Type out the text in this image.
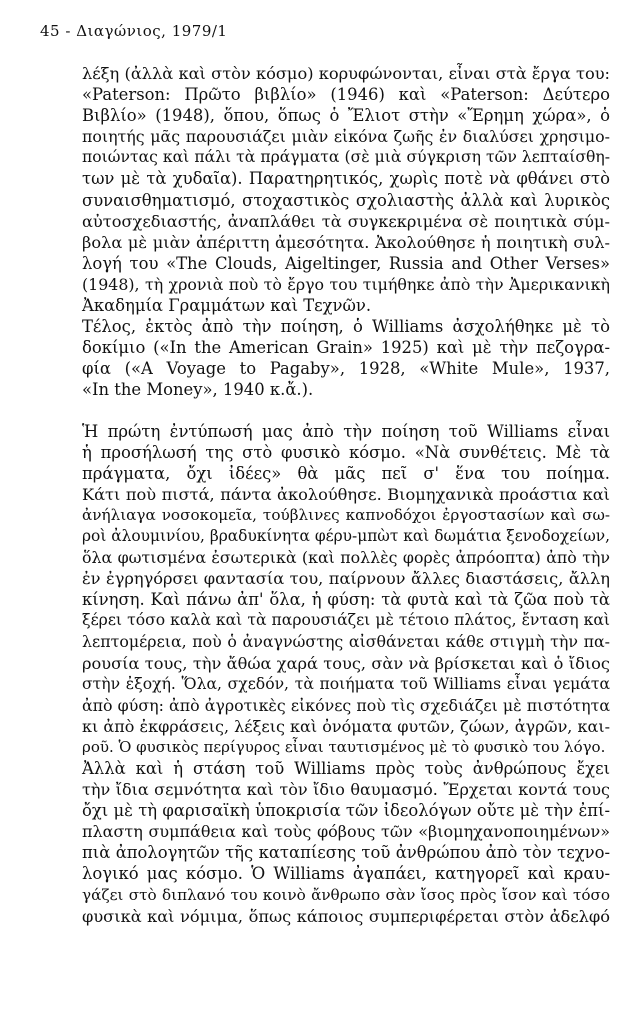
45 - Διαγώνιος, 1979/1
λέξη (ἀλλὰ καὶ στὸν κόσμο) κορυφώνονται, εἶναι στὰ ἔργα του:
«Paterson: Πρῶτο βιβλίο» (1946) καὶ «Paterson: Δεύτερο
Βιβλίο» (1948), ὅπου, ὅπως ὁ Ἔλιοτ στὴν «Ἔρημη χώρα», ὁ
ποιητής μᾶς παρουσιάζει μιὰν εἰκόνα ζωῆς ἐν διαλύσει χρησιμο-
ποιώντας καὶ πάλι τὰ πράγματα (σὲ μιὰ σύγκριση τῶν λεπταίσθη-
των μὲ τὰ χυδαῖα). Παρατηρητικός, χωρὶς ποτὲ νὰ φθάνει στὸ
συναισθηματισμό, στοχαστικὸς σχολιαστὴς ἀλλὰ καὶ λυρικὸς
αὐτοσχεδιαστής, ἀναπλάθει τὰ συγκεκριμένα σὲ ποιητικὰ σύμ-
βολα μὲ μιὰν ἀπέριττη ἀμεσότητα. Ἀκολούθησε ἡ ποιητικὴ συλ-
λογή του «The Clouds, Aigeltinger, Russia and Other Verses»
(1948), τὴ χρονιὰ ποὺ τὸ ἔργο του τιμήθηκε ἀπὸ τὴν Ἀμερικανικὴ
Ἀκαδημία Γραμμάτων καὶ Τεχνῶν.
Τέλος, ἐκτὸς ἀπὸ τὴν ποίηση, ὁ Williams ἀσχολήθηκε μὲ τὸ
δοκίμιο («In the American Grain» 1925) καὶ μὲ τὴν πεζογρα-
φία («A Voyage to Pagaby», 1928, «White Mule», 1937,
«In the Money», 1940 κ.ἄ.).
Ἡ πρώτη ἐντύπωσή μας ἀπὸ τὴν ποίηση τοῦ Williams εἶναι
ἡ προσήλωσή της στὸ φυσικὸ κόσμο. «Νὰ συνθέτεις. Μὲ τὰ
πράγματα, ὄχι ἰδέες» θὰ μᾶς πεῖ σ' ἕνα του ποίημα.
Κάτι ποὺ πιστά, πάντα ἀκολούθησε. Βιομηχανικὰ προάστια καὶ
ἀνήλιαγα νοσοκομεῖα, τούβλινες καπνοδόχοι ἐργοστασίων καὶ σω-
ροὶ ἀλουμινίου, βραδυκίνητα φέρυ-μπὼτ καὶ δωμάτια ξενοδοχείων,
ὅλα φωτισμένα ἐσωτερικὰ (καὶ πολλὲς φορὲς ἀπρόοπτα) ἀπὸ τὴν
ἐν ἐγρηγόρσει φαντασία του, παίρνουν ἄλλες διαστάσεις, ἄλλη
κίνηση. Καὶ πάνω ἀπ' ὅλα, ἡ φύση: τὰ φυτὰ καὶ τὰ ζῶα ποὺ τὰ
ξέρει τόσο καλὰ καὶ τὰ παρουσιάζει μὲ τέτοιο πλάτος, ἔνταση καὶ
λεπτομέρεια, ποὺ ὁ ἀναγνώστης αἰσθάνεται κάθε στιγμὴ τὴν πα-
ρουσία τους, τὴν ἄθώα χαρά τους, σὰν νὰ βρίσκεται καὶ ὁ ἴδιος
στὴν ἐξοχή. Ὅλα, σχεδόν, τὰ ποιήματα τοῦ Williams εἶναι γεμάτα
ἀπὸ φύση: ἀπὸ ἀγροτικὲς εἰκόνες ποὺ τὶς σχεδιάζει μὲ πιστότητα
κι ἀπὸ ἐκφράσεις, λέξεις καὶ ὀνόματα φυτῶν, ζώων, ἀγρῶν, και-
ροῦ. Ὁ φυσικὸς περίγυρος εἶναι ταυτισμένος μὲ τὸ φυσικὸ του λόγο.
Ἀλλὰ καὶ ἡ στάση τοῦ Williams πρὸς τοὺς ἀνθρώπους ἔχει
τὴν ἴδια σεμνότητα καὶ τὸν ἴδιο θαυμασμό. Ἔρχεται κοντά τους
ὄχι μὲ τὴ φαρισαϊκὴ ὑποκρισία τῶν ἰδεολόγων οὔτε μὲ τὴν ἐπί-
πλαστη συμπάθεια καὶ τοὺς φόβους τῶν «βιομηχανοποιημένων»
πιὰ ἀπολογητῶν τῆς καταπίεσης τοῦ ἀνθρώπου ἀπὸ τὸν τεχνο-
λογικό μας κόσμο. Ὁ Williams ἀγαπάει, κατηγορεῖ καὶ κραυ-
γάζει στὸ διπλανό του κοινὸ ἄνθρωπο σὰν ἴσος πρὸς ἴσον καὶ τόσο
φυσικὰ καὶ νόμιμα, ὅπως κάποιος συμπεριφέρεται στὸν ἀδελφό
